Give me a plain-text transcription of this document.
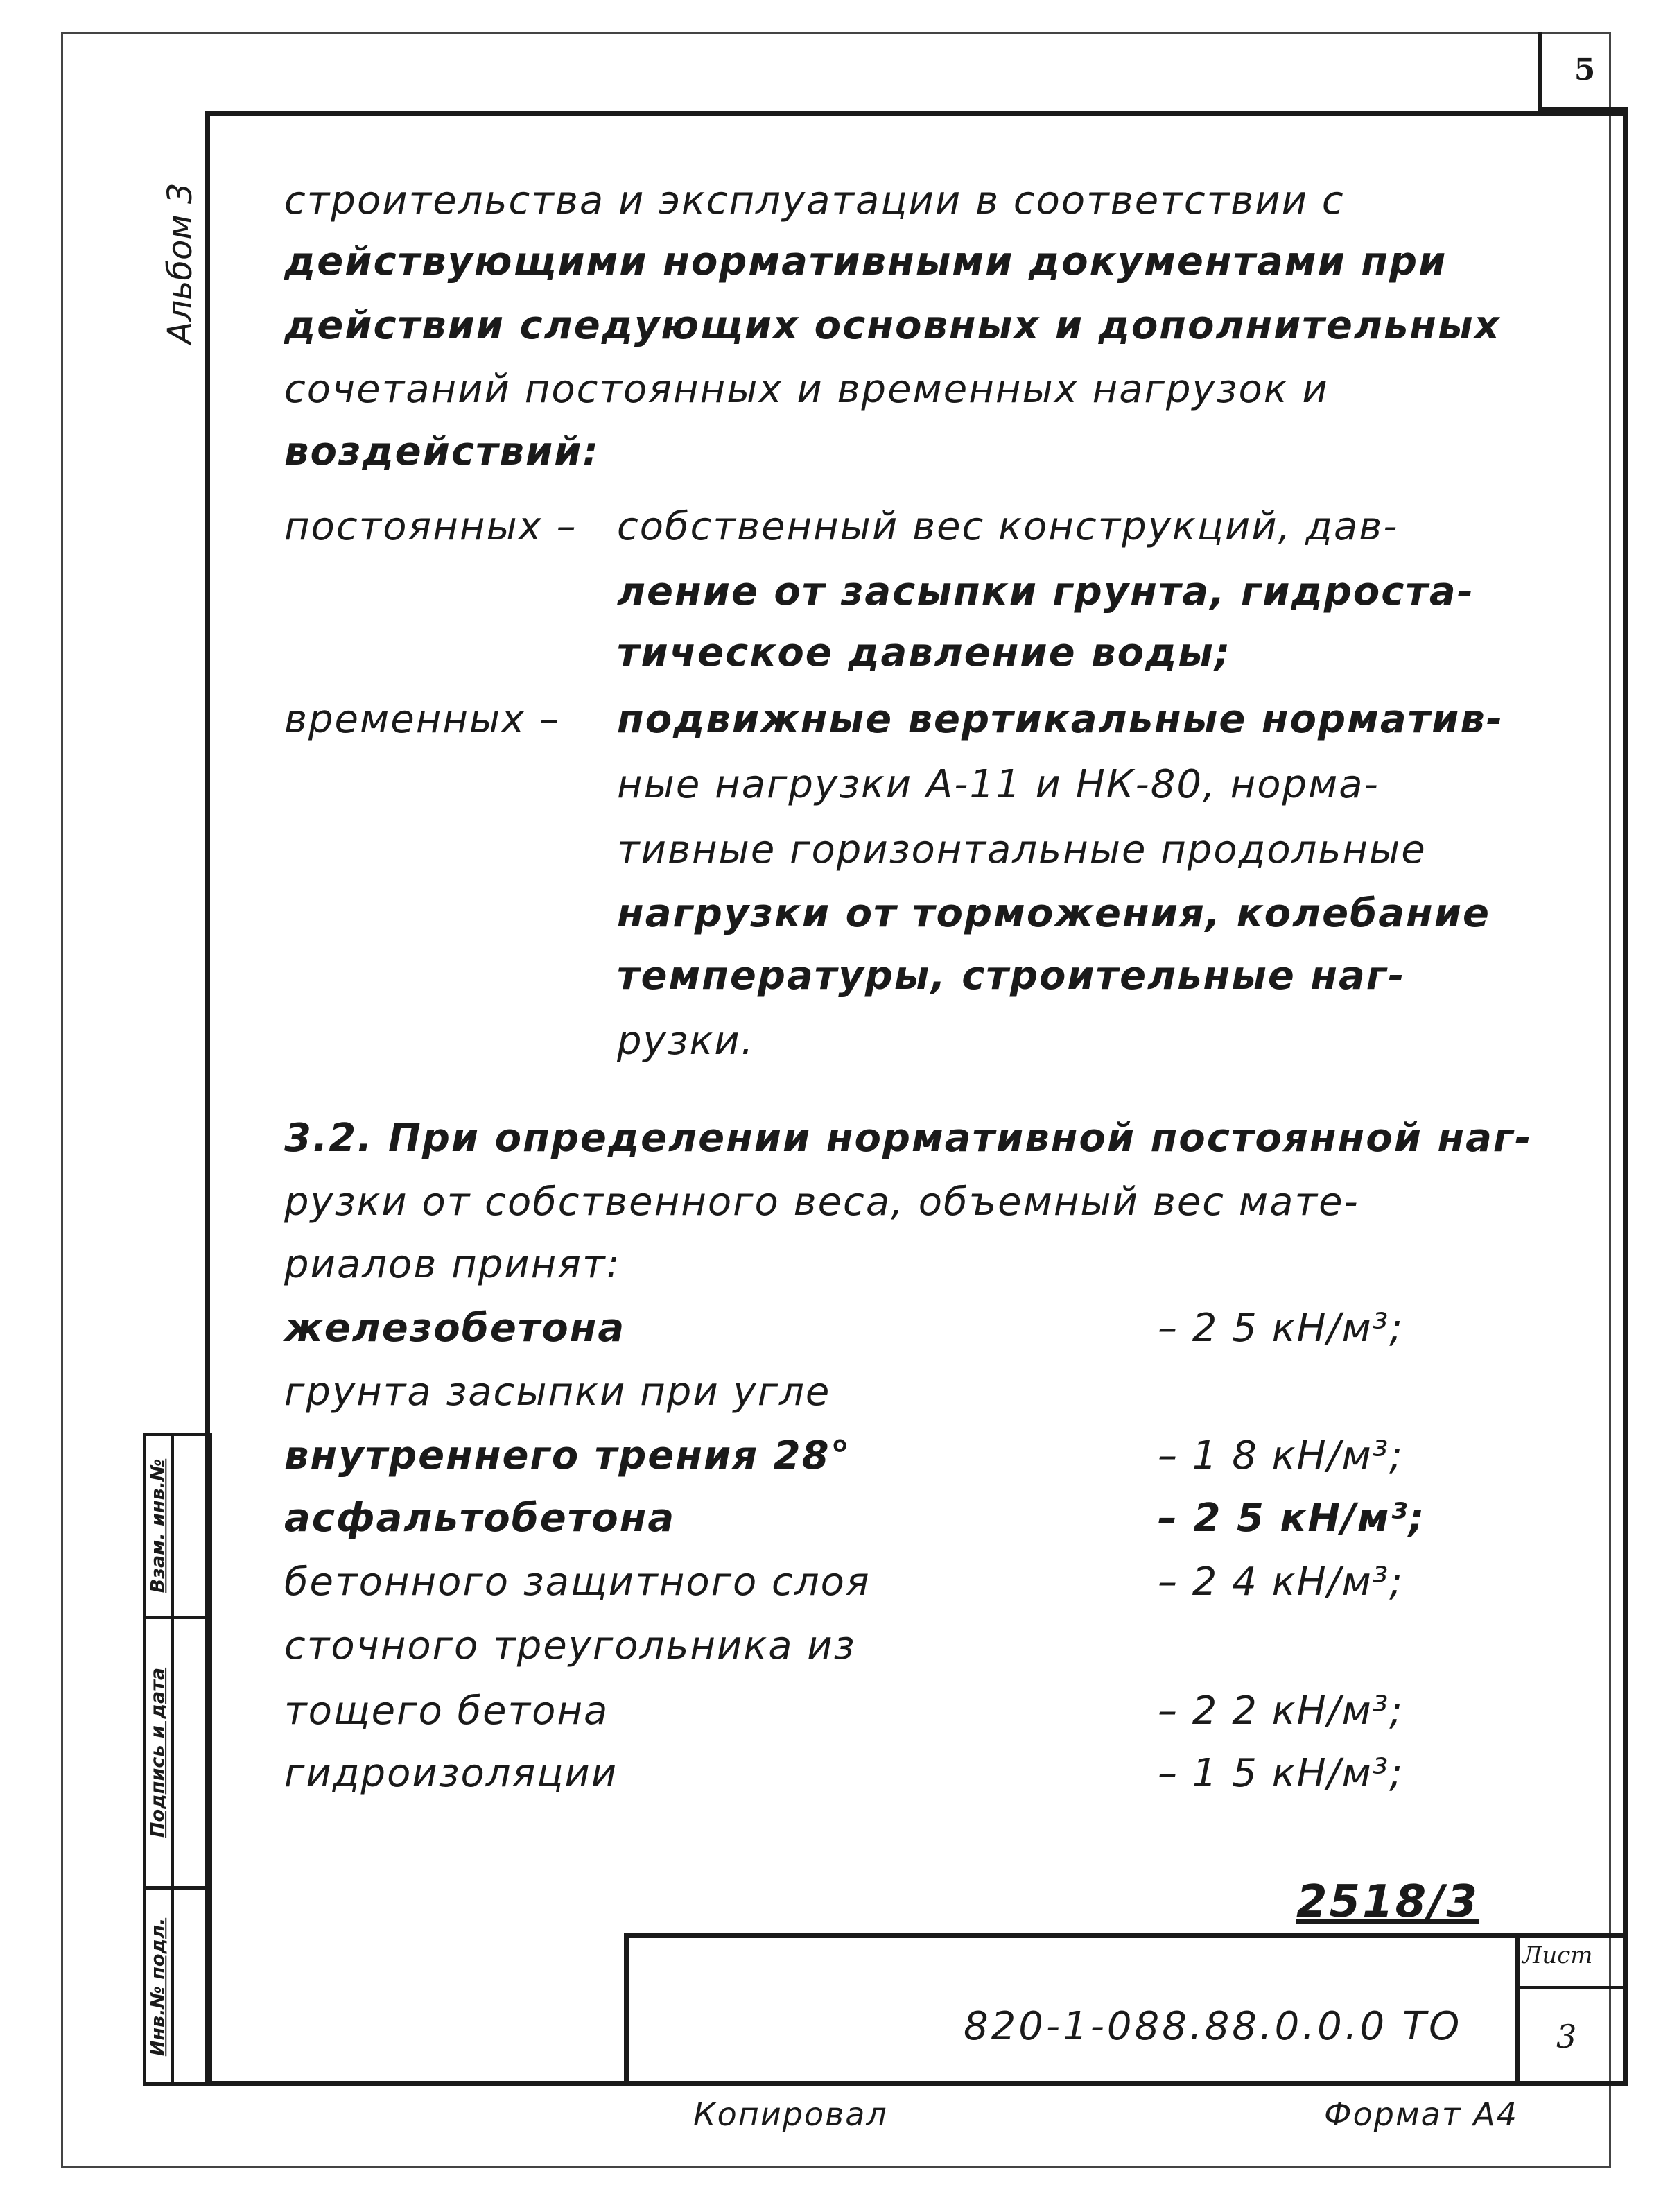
5
Альбом 3
Взам. инв.№
Подпись и дата
Инв.№ подл.
строительства и эксплуатации в соответствии с
действующими нормативными документами при
действии следующих основных и дополнительных
сочетаний постоянных и временных нагрузок и
воздействий:
постоянных – собственный вес конструкций, дав-
ление от засыпки грунта, гидроста-
тическое давление воды;
временных – подвижные вертикальные норматив-
ные нагрузки А-11 и НК-80, норма-
тивные горизонтальные продольные
нагрузки от торможения, колебание
температуры, строительные наг-
рузки.
3.2. При определении нормативной постоянной наг-
рузки от собственного веса, объемный вес мате-
риалов принят:
железобетона	– 2 5 кН/м³;
грунта засыпки при угле
внутреннего трения 28°	– 1 8 кН/м³;
асфальтобетона	– 2 5 кН/м³;
бетонного защитного слоя	– 2 4 кН/м³;
сточного треугольника из
тощего бетона	– 2 2 кН/м³;
гидроизоляции	– 1 5 кН/м³;
2518/3
Лист
3
820-1-088.88.0.0.0 ТО
Копировал	Формат А4
